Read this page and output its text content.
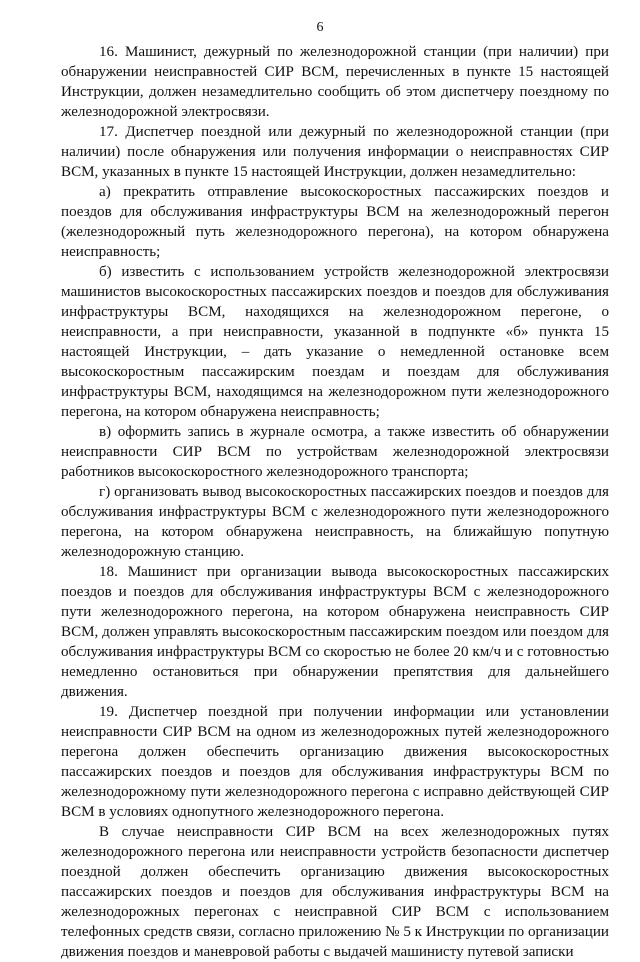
6

16. Машинист, дежурный по железнодорожной станции (при наличии) при обнаружении неисправностей СИР ВСМ, перечисленных в пункте 15 настоящей Инструкции, должен незамедлительно сообщить об этом диспетчеру поездному по железнодорожной электросвязи.

17. Диспетчер поездной или дежурный по железнодорожной станции (при наличии) после обнаружения или получения информации о неисправностях СИР ВСМ, указанных в пункте 15 настоящей Инструкции, должен незамедлительно:

а) прекратить отправление высокоскоростных пассажирских поездов и поездов для обслуживания инфраструктуры ВСМ на железнодорожный перегон (железнодорожный путь железнодорожного перегона), на котором обнаружена неисправность;

б) известить с использованием устройств железнодорожной электросвязи машинистов высокоскоростных пассажирских поездов и поездов для обслуживания инфраструктуры ВСМ, находящихся на железнодорожном перегоне, о неисправности, а при неисправности, указанной в подпункте «б» пункта 15 настоящей Инструкции, – дать указание о немедленной остановке всем высокоскоростным пассажирским поездам и поездам для обслуживания инфраструктуры ВСМ, находящимся на железнодорожном пути железнодорожного перегона, на котором обнаружена неисправность;

в) оформить запись в журнале осмотра, а также известить об обнаружении неисправности СИР ВСМ по устройствам железнодорожной электросвязи работников высокоскоростного железнодорожного транспорта;

г) организовать вывод высокоскоростных пассажирских поездов и поездов для обслуживания инфраструктуры ВСМ с железнодорожного пути железнодорожного перегона, на котором обнаружена неисправность, на ближайшую попутную железнодорожную станцию.

18. Машинист при организации вывода высокоскоростных пассажирских поездов и поездов для обслуживания инфраструктуры ВСМ с железнодорожного пути железнодорожного перегона, на котором обнаружена неисправность СИР ВСМ, должен управлять высокоскоростным пассажирским поездом или поездом для обслуживания инфраструктуры ВСМ со скоростью не более 20 км/ч и с готовностью немедленно остановиться при обнаружении препятствия для дальнейшего движения.

19. Диспетчер поездной при получении информации или установлении неисправности СИР ВСМ на одном из железнодорожных путей железнодорожного перегона должен обеспечить организацию движения высокоскоростных пассажирских поездов и поездов для обслуживания инфраструктуры ВСМ по железнодорожному пути железнодорожного перегона с исправно действующей СИР ВСМ в условиях однопутного железнодорожного перегона.

В случае неисправности СИР ВСМ на всех железнодорожных путях железнодорожного перегона или неисправности устройств безопасности диспетчер поездной должен обеспечить организацию движения высокоскоростных пассажирских поездов и поездов для обслуживания инфраструктуры ВСМ на железнодорожных перегонах с неисправной СИР ВСМ с использованием телефонных средств связи, согласно приложению № 5 к Инструкции по организации движения поездов и маневровой работы с выдачей машинисту путевой записки
